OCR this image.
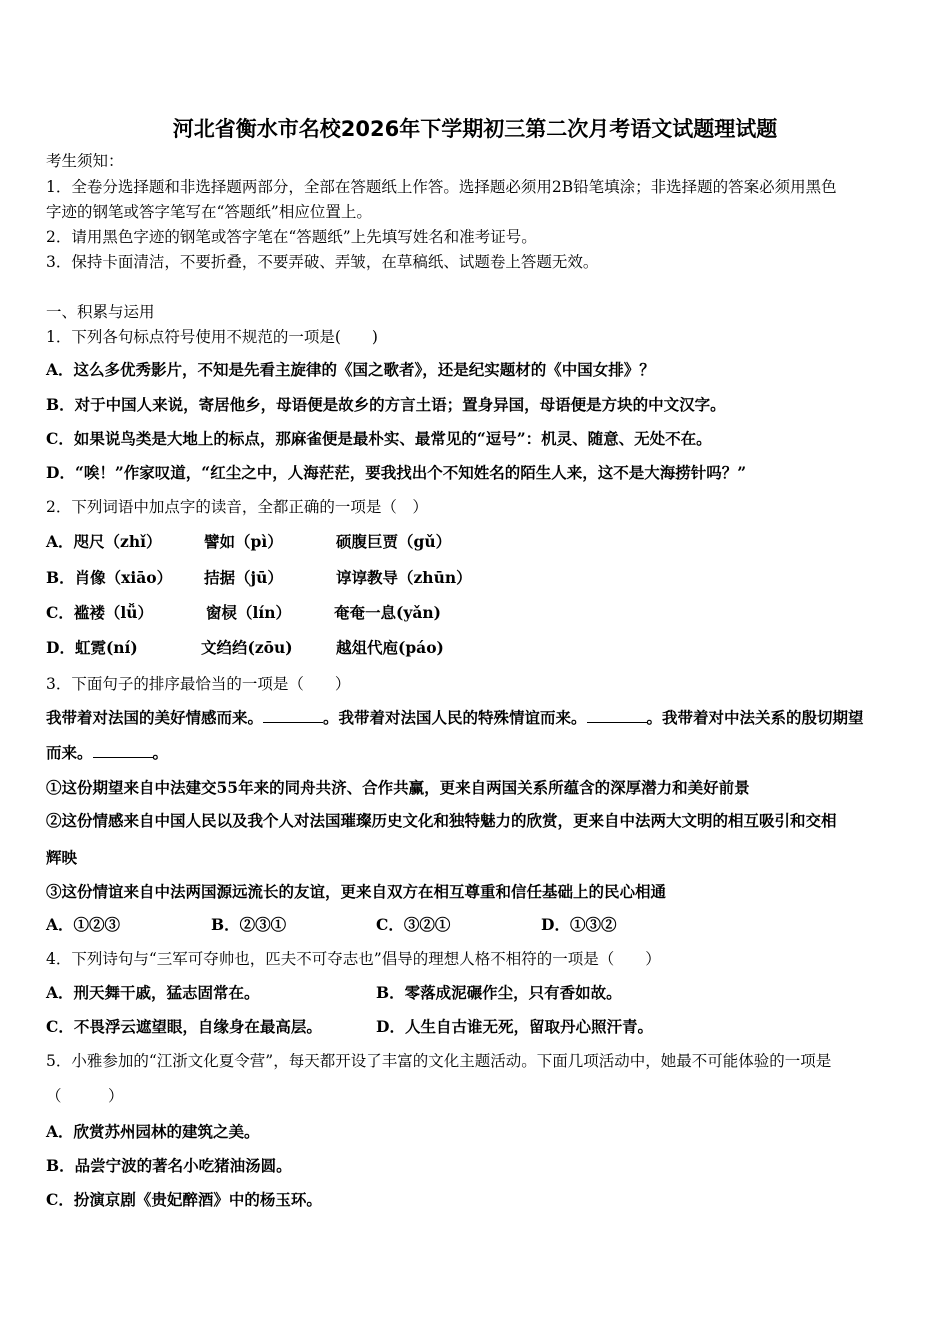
河北省衡水市名校2026年下学期初三第二次月考语文试题理试题
考生须知：
1．全卷分选择题和非选择题两部分，全部在答题纸上作答。选择题必须用2B铅笔填涂；非选择题的答案必须用黑色
字迹的钢笔或答字笔写在“答题纸”相应位置上。
2．请用黑色字迹的钢笔或答字笔在“答题纸”上先填写姓名和准考证号。
3．保持卡面清洁，不要折叠，不要弄破、弄皱，在草稿纸、试题卷上答题无效。
一、积累与运用
1．下列各句标点符号使用不规范的一项是(　　)
A．这么多优秀影片，不知是先看主旋律的《国之歌者》，还是纪实题材的《中国女排》？
B．对于中国人来说，寄居他乡，母语便是故乡的方言土语；置身异国，母语便是方块的中文汉字。
C．如果说鸟类是大地上的标点，那麻雀便是最朴实、最常见的“逗号”：机灵、随意、无处不在。
D．“唉！”作家叹道，“红尘之中，人海茫茫，要我找出个不知姓名的陌生人来，这不是大海捞针吗？”
2．下列词语中加点字的读音，全都正确的一项是（　）
A．咫尺（zhǐ）	譬如（pì）	硕腹巨贾（gǔ）
B．肖像（xiāo） 拮据（jū）	谆谆教导（zhūn）
C．褴褛（lǚ）	窗棂（lín）	奄奄一息(yǎn)
D．虹霓(ní)	文绉绉(zōu)	越俎代庖(páo)
3．下面句子的排序最恰当的一项是（　　）
我带着对法国的美好情感而来。	。我带着对法国人民的特殊情谊而来。	。我带着对中法关系的殷切期望
而来。	。
①这份期望来自中法建交55年来的同舟共济、合作共赢，更来自两国关系所蕴含的深厚潜力和美好前景
②这份情感来自中国人民以及我个人对法国璀璨历史文化和独特魅力的欣赏，更来自中法两大文明的相互吸引和交相
辉映
③这份情谊来自中法两国源远流长的友谊，更来自双方在相互尊重和信任基础上的民心相通
A．①②③	B．②③①	C．③②①	D．①③②
4．下列诗句与“三军可夺帅也，匹夫不可夺志也”倡导的理想人格不相符的一项是（　　）
A．刑天舞干戚，猛志固常在。	B．零落成泥碾作尘，只有香如故。
C．不畏浮云遮望眼，自缘身在最高层。	D．人生自古谁无死，留取丹心照汗青。
5．小雅参加的“江浙文化夏令营”，每天都开设了丰富的文化主题活动。下面几项活动中，她最不可能体验的一项是
（　　　）
A．欣赏苏州园林的建筑之美。
B．品尝宁波的著名小吃猪油汤圆。
C．扮演京剧《贵妃醉酒》中的杨玉环。
